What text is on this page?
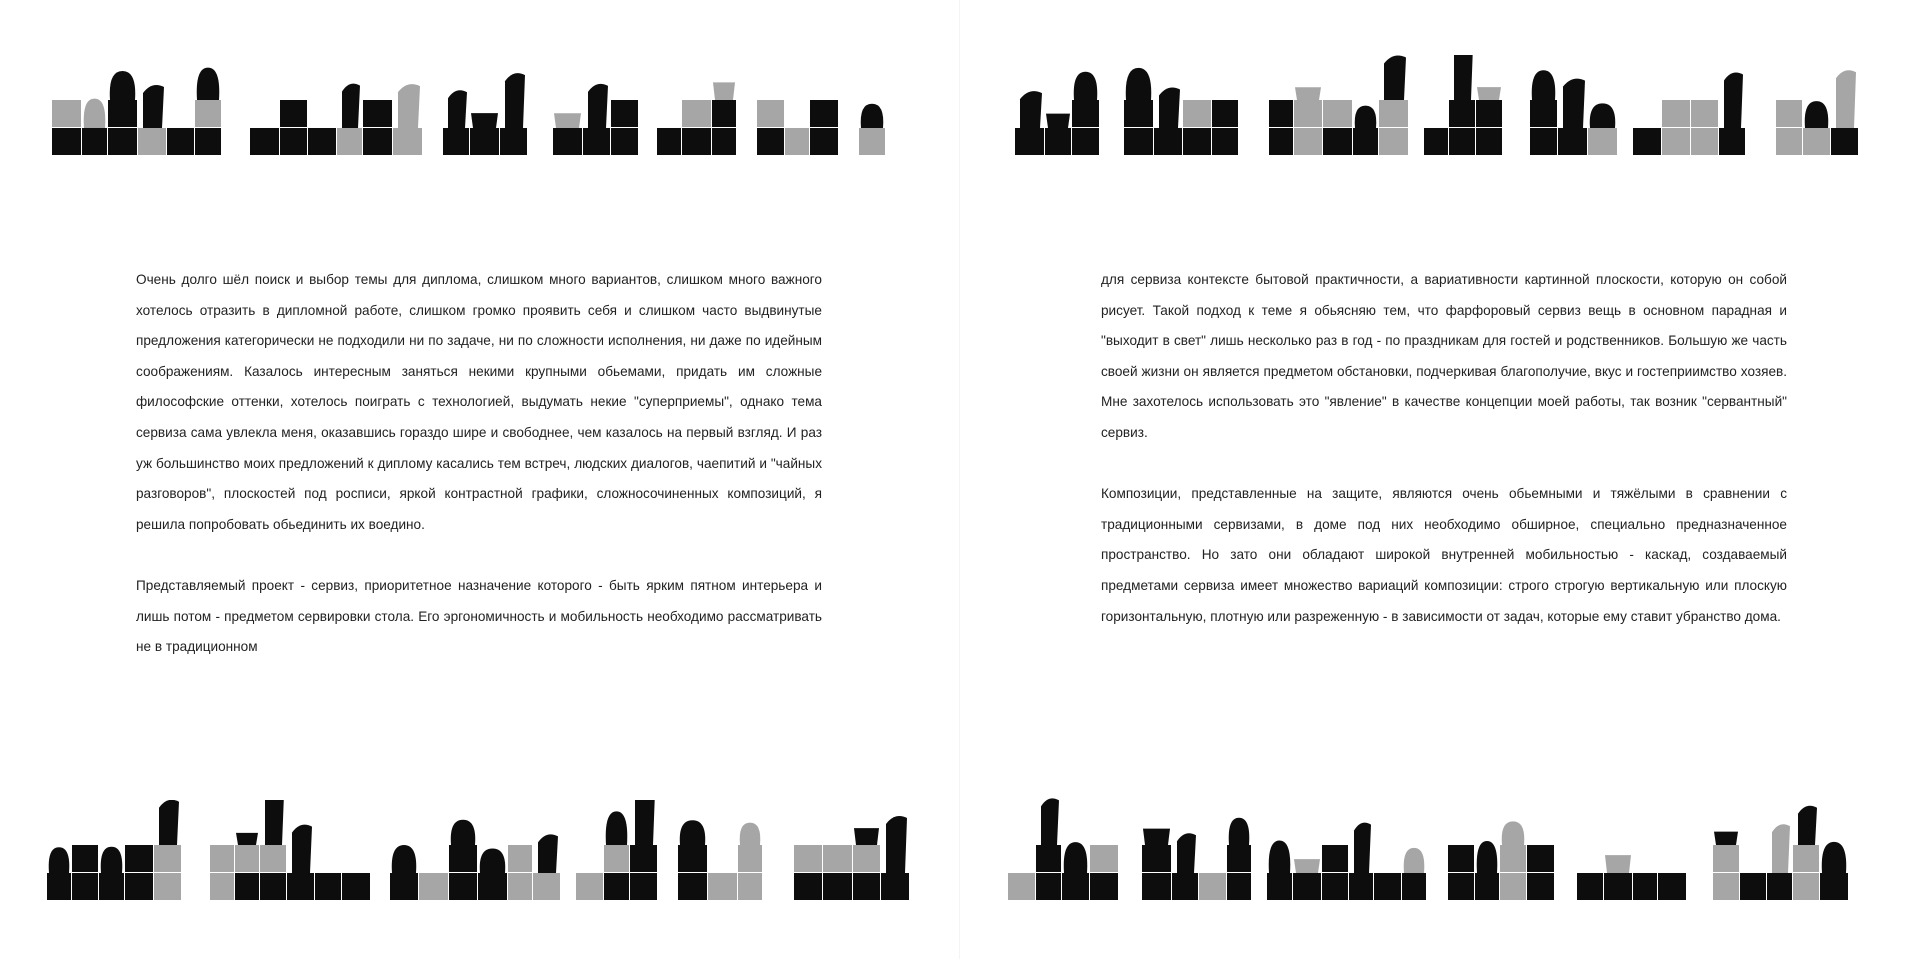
Очень долго шёл поиск и выбор темы для диплома, слишком много вариантов, слишком много важного хотелось отразить в дипломной работе, слишком громко проявить себя и слишком часто выдвинутые предложения категорически не подходили ни по задаче, ни по сложности исполнения, ни даже по идейным соображениям. Казалось интересным заняться некими крупными обьемами, придать им сложные философские оттенки, хотелось поиграть с технологией, выдумать некие "суперприемы", однако тема сервиза сама увлекла меня, оказавшись гораздо шире и свободнее, чем казалось на первый взгляд. И раз уж большинство моих предложений к диплому касались тем встреч, людских диалогов, чаепитий и "чайных разговоров", плоскостей под росписи, яркой контрастной графики, сложносочиненных композиций, я решила попробовать обьединить их воедино.

Представляемый проект - сервиз, приоритетное назначение которого - быть ярким пятном интерьера и лишь потом - предметом сервировки стола. Его эргономичность и мобильность необходимо рассматривать не в традиционном

для сервиза контексте бытовой практичности, а вариативности картинной плоскости, которую он собой рисует. Такой подход к теме я обьясняю тем, что фарфоровый сервиз вещь в основном парадная и "выходит в свет" лишь несколько раз в год - по праздникам для гостей и родственников. Большую же часть своей жизни он является предметом обстановки, подчеркивая благополучие, вкус и гостеприимство хозяев. Мне захотелось использовать это "явление" в качестве концепции моей работы, так возник "сервантный" сервиз.

Композиции, представленные на защите, являются очень обьемными и тяжёлыми в сравнении с традиционными сервизами, в доме под них необходимо обширное, специально предназначенное пространство. Но зато они обладают широкой внутренней мобильностью - каскад, создаваемый предметами сервиза имеет множество вариаций композиции: строго строгую вертикальную или плоскую горизонтальную, плотную или разреженную - в зависимости от задач, которые ему ставит убранство дома.
